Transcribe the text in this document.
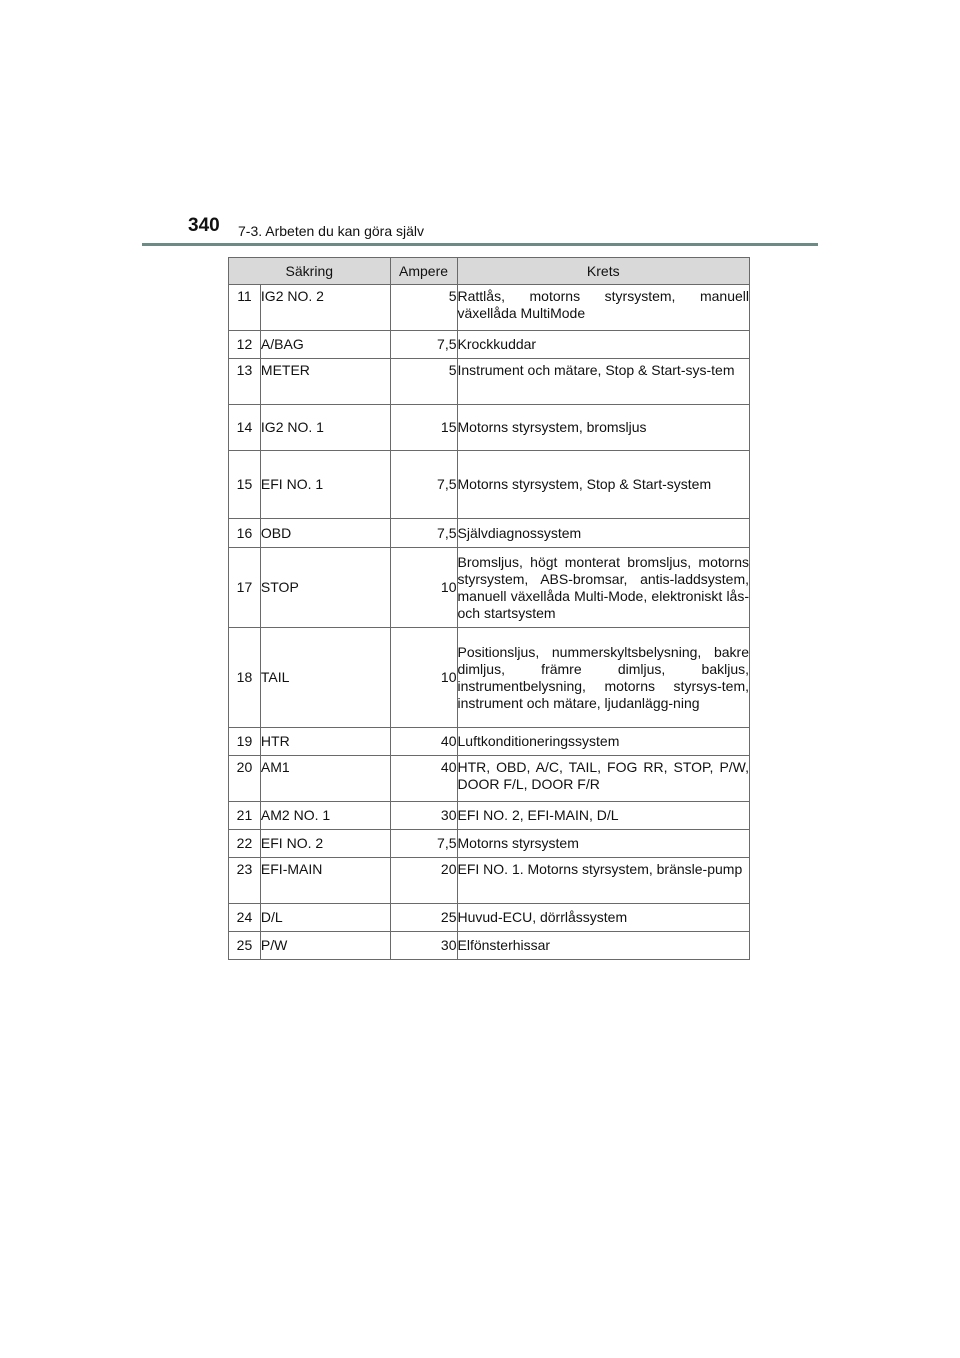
340 7-3. Arbeten du kan göra själv
Säkring		Ampere	Krets
11	IG2 NO. 2	5	Rattlås, motorns styrsystem, manuell växellåda MultiMode
12	A/BAG	7,5	Krockkuddar
13	METER	5	Instrument och mätare, Stop & Start-sys-tem
14	IG2 NO. 1	15	Motorns styrsystem, bromsljus
15	EFI NO. 1	7,5	Motorns styrsystem, Stop & Start-system
16	OBD	7,5	Självdiagnossystem
17	STOP	10	Bromsljus, högt monterat bromsljus, motorns styrsystem, ABS-bromsar, antis-laddsystem, manuell växellåda Multi-Mode, elektroniskt lås- och startsystem
18	TAIL	10	Positionsljus, nummerskyltsbelysning, bakre dimljus, främre dimljus, bakljus, instrumentbelysning, motorns styrsys-tem, instrument och mätare, ljudanlägg-ning
19	HTR	40	Luftkonditioneringssystem
20	AM1	40	HTR, OBD, A/C, TAIL, FOG RR, STOP, P/W, DOOR F/L, DOOR F/R
21	AM2 NO. 1	30	EFI NO. 2, EFI-MAIN, D/L
22	EFI NO. 2	7,5	Motorns styrsystem
23	EFI-MAIN	20	EFI NO. 1. Motorns styrsystem, bränsle-pump
24	D/L	25	Huvud-ECU, dörrlåssystem
25	P/W	30	Elfönsterhissar
